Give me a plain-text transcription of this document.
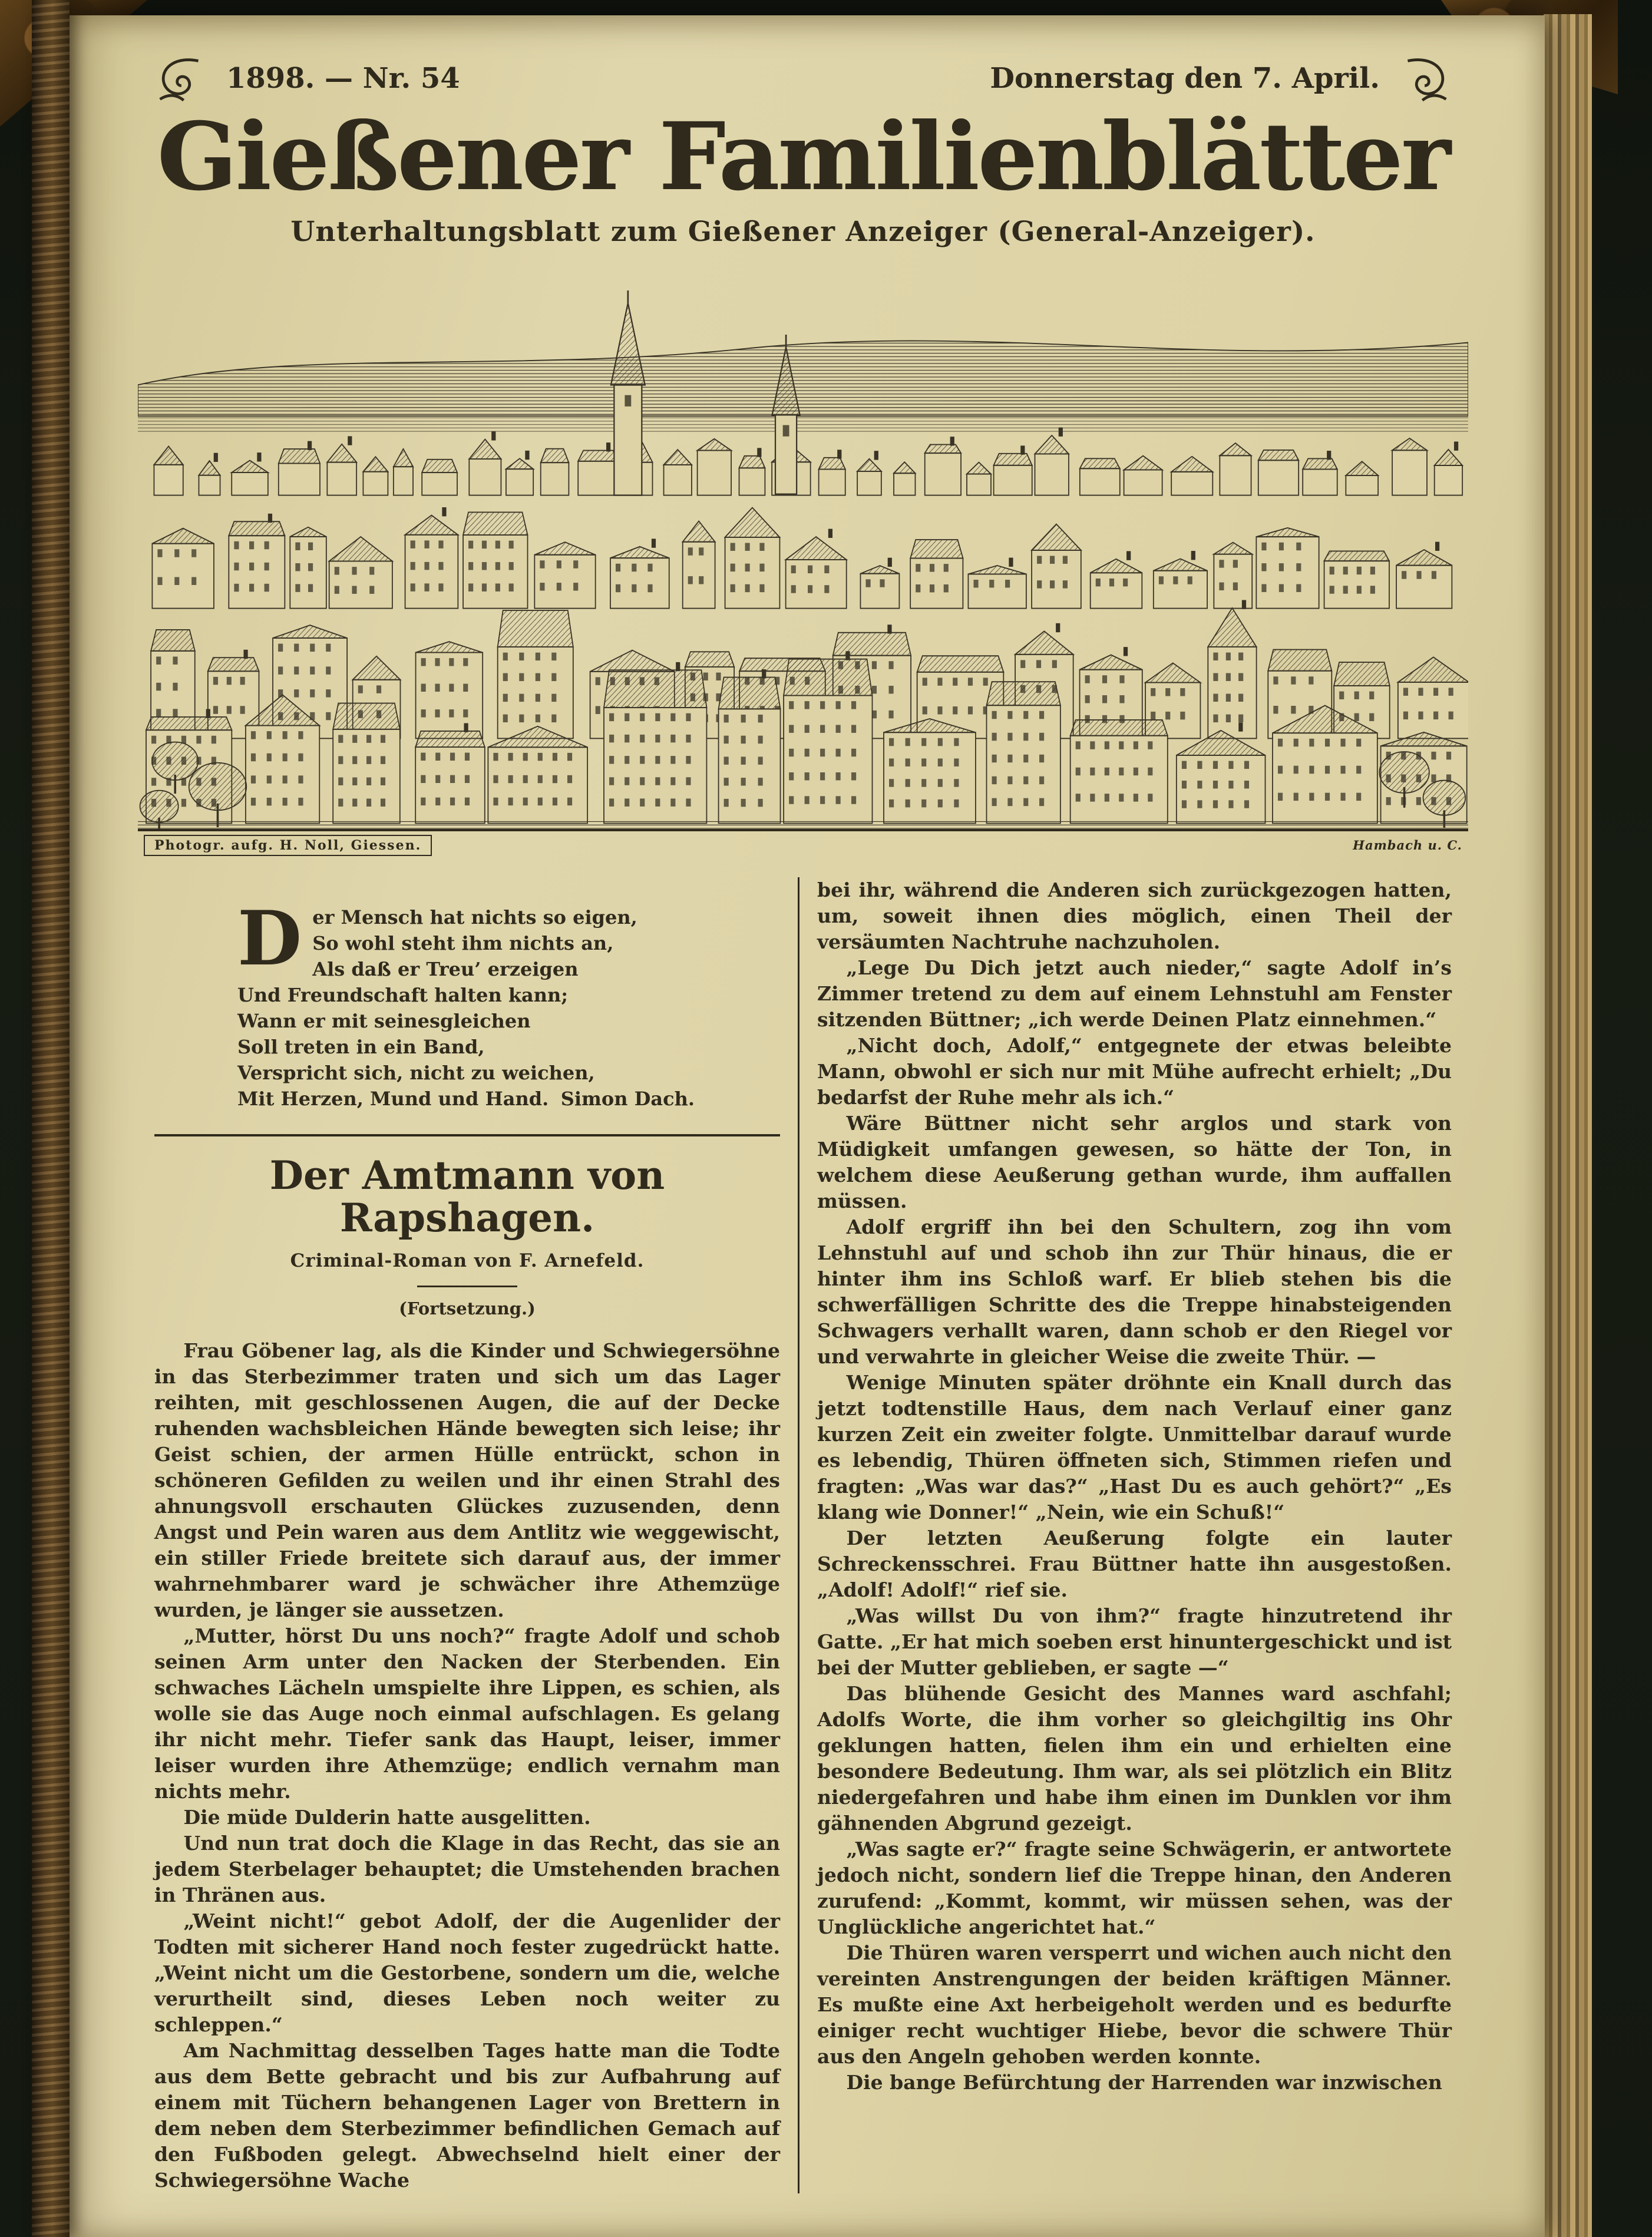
1898. — Nr. 54	Donnerstag den 7. April.
Gießener Familienblätter
Unterhaltungsblatt zum Gießener Anzeiger (General-Anzeiger).
Photogr. aufg. H. Noll, Giessen.	Hambach u. C.
D er Mensch hat nichts so eigen,
So wohl steht ihm nichts an,
Als daß er Treu’ erzeigen
Und Freundschaft halten kann;
Wann er mit seinesgleichen
Soll treten in ein Band,
Verspricht sich, nicht zu weichen,
Mit Herzen, Mund und Hand. Simon Dach.
Der Amtmann von Rapshagen.
Criminal-Roman von F. Arnefeld.
(Fortsetzung.)

Frau Göbener lag, als die Kinder und Schwiegersöhne in das Sterbezimmer traten und sich um das Lager reihten, mit geschlossenen Augen, die auf der Decke ruhenden wachsbleichen Hände bewegten sich leise; ihr Geist schien, der armen Hülle entrückt, schon in schöneren Gefilden zu weilen und ihr einen Strahl des ahnungsvoll erschauten Glückes zuzusenden, denn Angst und Pein waren aus dem Antlitz wie weggewischt, ein stiller Friede breitete sich darauf aus, der immer wahrnehmbarer ward je schwächer ihre Athemzüge wurden, je länger sie aussetzen.

„Mutter, hörst Du uns noch?“ fragte Adolf und schob seinen Arm unter den Nacken der Sterbenden. Ein schwaches Lächeln umspielte ihre Lippen, es schien, als wolle sie das Auge noch einmal aufschlagen. Es gelang ihr nicht mehr. Tiefer sank das Haupt, leiser, immer leiser wurden ihre Athemzüge; endlich vernahm man nichts mehr.

Die müde Dulderin hatte ausgelitten.

Und nun trat doch die Klage in das Recht, das sie an jedem Sterbelager behauptet; die Umstehenden brachen in Thränen aus.

„Weint nicht!“ gebot Adolf, der die Augenlider der Todten mit sicherer Hand noch fester zugedrückt hatte. „Weint nicht um die Gestorbene, sondern um die, welche verurtheilt sind, dieses Leben noch weiter zu schleppen.“

Am Nachmittag desselben Tages hatte man die Todte aus dem Bette gebracht und bis zur Aufbahrung auf einem mit Tüchern behangenen Lager von Brettern in dem neben dem Sterbezimmer befindlichen Gemach auf den Fußboden gelegt. Abwechselnd hielt einer der Schwiegersöhne Wache

bei ihr, während die Anderen sich zurückgezogen hatten, um, soweit ihnen dies möglich, einen Theil der versäumten Nachtruhe nachzuholen.

„Lege Du Dich jetzt auch nieder,“ sagte Adolf in’s Zimmer tretend zu dem auf einem Lehnstuhl am Fenster sitzenden Büttner; „ich werde Deinen Platz einnehmen.“

„Nicht doch, Adolf,“ entgegnete der etwas beleibte Mann, obwohl er sich nur mit Mühe aufrecht erhielt; „Du bedarfst der Ruhe mehr als ich.“

Wäre Büttner nicht sehr arglos und stark von Müdigkeit umfangen gewesen, so hätte der Ton, in welchem diese Aeußerung gethan wurde, ihm auffallen müssen.

Adolf ergriff ihn bei den Schultern, zog ihn vom Lehnstuhl auf und schob ihn zur Thür hinaus, die er hinter ihm ins Schloß warf. Er blieb stehen bis die schwerfälligen Schritte des die Treppe hinabsteigenden Schwagers verhallt waren, dann schob er den Riegel vor und verwahrte in gleicher Weise die zweite Thür. —

Wenige Minuten später dröhnte ein Knall durch das jetzt todtenstille Haus, dem nach Verlauf einer ganz kurzen Zeit ein zweiter folgte. Unmittelbar darauf wurde es lebendig, Thüren öffneten sich, Stimmen riefen und fragten: „Was war das?“ „Hast Du es auch gehört?“ „Es klang wie Donner!“ „Nein, wie ein Schuß!“

Der letzten Aeußerung folgte ein lauter Schreckensschrei. Frau Büttner hatte ihn ausgestoßen. „Adolf! Adolf!“ rief sie.

„Was willst Du von ihm?“ fragte hinzutretend ihr Gatte. „Er hat mich soeben erst hinuntergeschickt und ist bei der Mutter geblieben, er sagte —“

Das blühende Gesicht des Mannes ward aschfahl; Adolfs Worte, die ihm vorher so gleichgiltig ins Ohr geklungen hatten, fielen ihm ein und erhielten eine besondere Bedeutung. Ihm war, als sei plötzlich ein Blitz niedergefahren und habe ihm einen im Dunklen vor ihm gähnenden Abgrund gezeigt.

„Was sagte er?“ fragte seine Schwägerin, er antwortete jedoch nicht, sondern lief die Treppe hinan, den Anderen zurufend: „Kommt, kommt, wir müssen sehen, was der Unglückliche angerichtet hat.“

Die Thüren waren versperrt und wichen auch nicht den vereinten Anstrengungen der beiden kräftigen Männer. Es mußte eine Axt herbeigeholt werden und es bedurfte einiger recht wuchtiger Hiebe, bevor die schwere Thür aus den Angeln gehoben werden konnte.

Die bange Befürchtung der Harrenden war inzwischen
